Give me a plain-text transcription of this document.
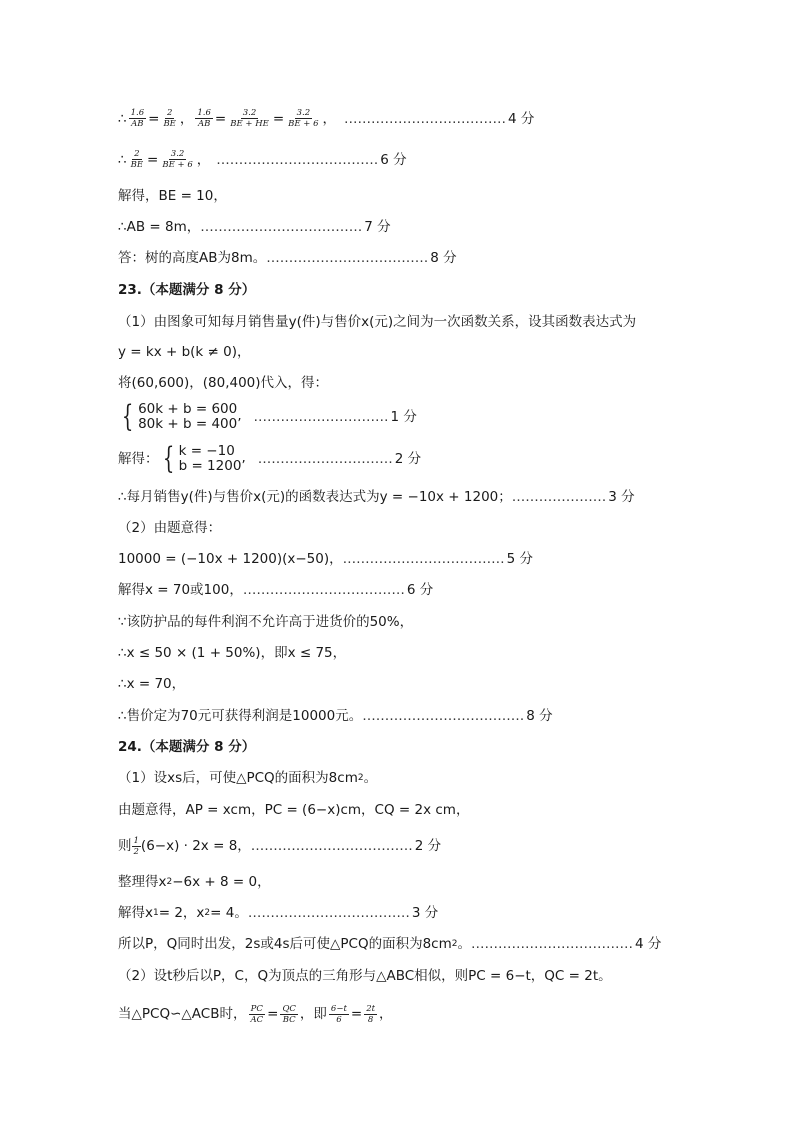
∴ $\frac{1.6}{AB} = \frac{2}{BE}$ ， $\frac{1.6}{AB} = \frac{3.2}{BE + HE} = \frac{3.2}{BE + 6}$ ， ……………………………… 4 分
∴ $\frac{2}{BE} = \frac{3.2}{BE + 6}$ ， ……………………………… 6 分
解得，BE = 10，
∴AB = 8m， ……………………………… 7 分
答：树的高度AB为8m。 ……………………………… 8 分
23.（本题满分 8 分）
（1）由图象可知每月销售量y(件)与售价x(元)之间为一次函数关系，设其函数表达式为
y = kx + b(k ≠ 0)，
将(60,600)，(80,400)代入，得：
{ 60k + b = 600
80k + b = 400’ ………………………… 1 分
解得： { k = −10
b = 1200’ ………………………… 2 分
∴每月销售y(件)与售价x(元)的函数表达式为y = −10x + 1200； ………………… 3 分
（2）由题意得：
10000 = (−10x + 1200)(x−50)， ……………………………… 5 分
解得x = 70或100， ……………………………… 6 分
∵该防护品的每件利润不允许高于进货价的50%，
∴x ≤ 50 × (1 + 50%)，即x ≤ 75，
∴x = 70，
∴售价定为70元可获得利润是10000元。 ……………………………… 8 分
24.（本题满分 8 分）
（1）设xs后，可使△PCQ的面积为8cm 2 。
由题意得，AP = xcm，PC = (6−x)cm，CQ = 2x cm，
则 $\frac{1}{2} (6-x) \cdot 2x = 8$， ……………………………… 2 分
整理得x 2 −6x + 8 = 0，
解得x 1 = 2，x 2 = 4。 ……………………………… 3 分
所以P，Q同时出发，2s或4s后可使△PCQ的面积为8cm 2 。 ……………………………… 4 分
（2）设t秒后以P，C，Q为顶点的三角形与△ABC相似，则PC = 6−t，QC = 2t。
当△PCQ∽△ACB时， $\frac{PC}{AC} = \frac{QC}{BC}$ ，即 $\frac{6-t}{6} = \frac{2t}{8}$ ，
